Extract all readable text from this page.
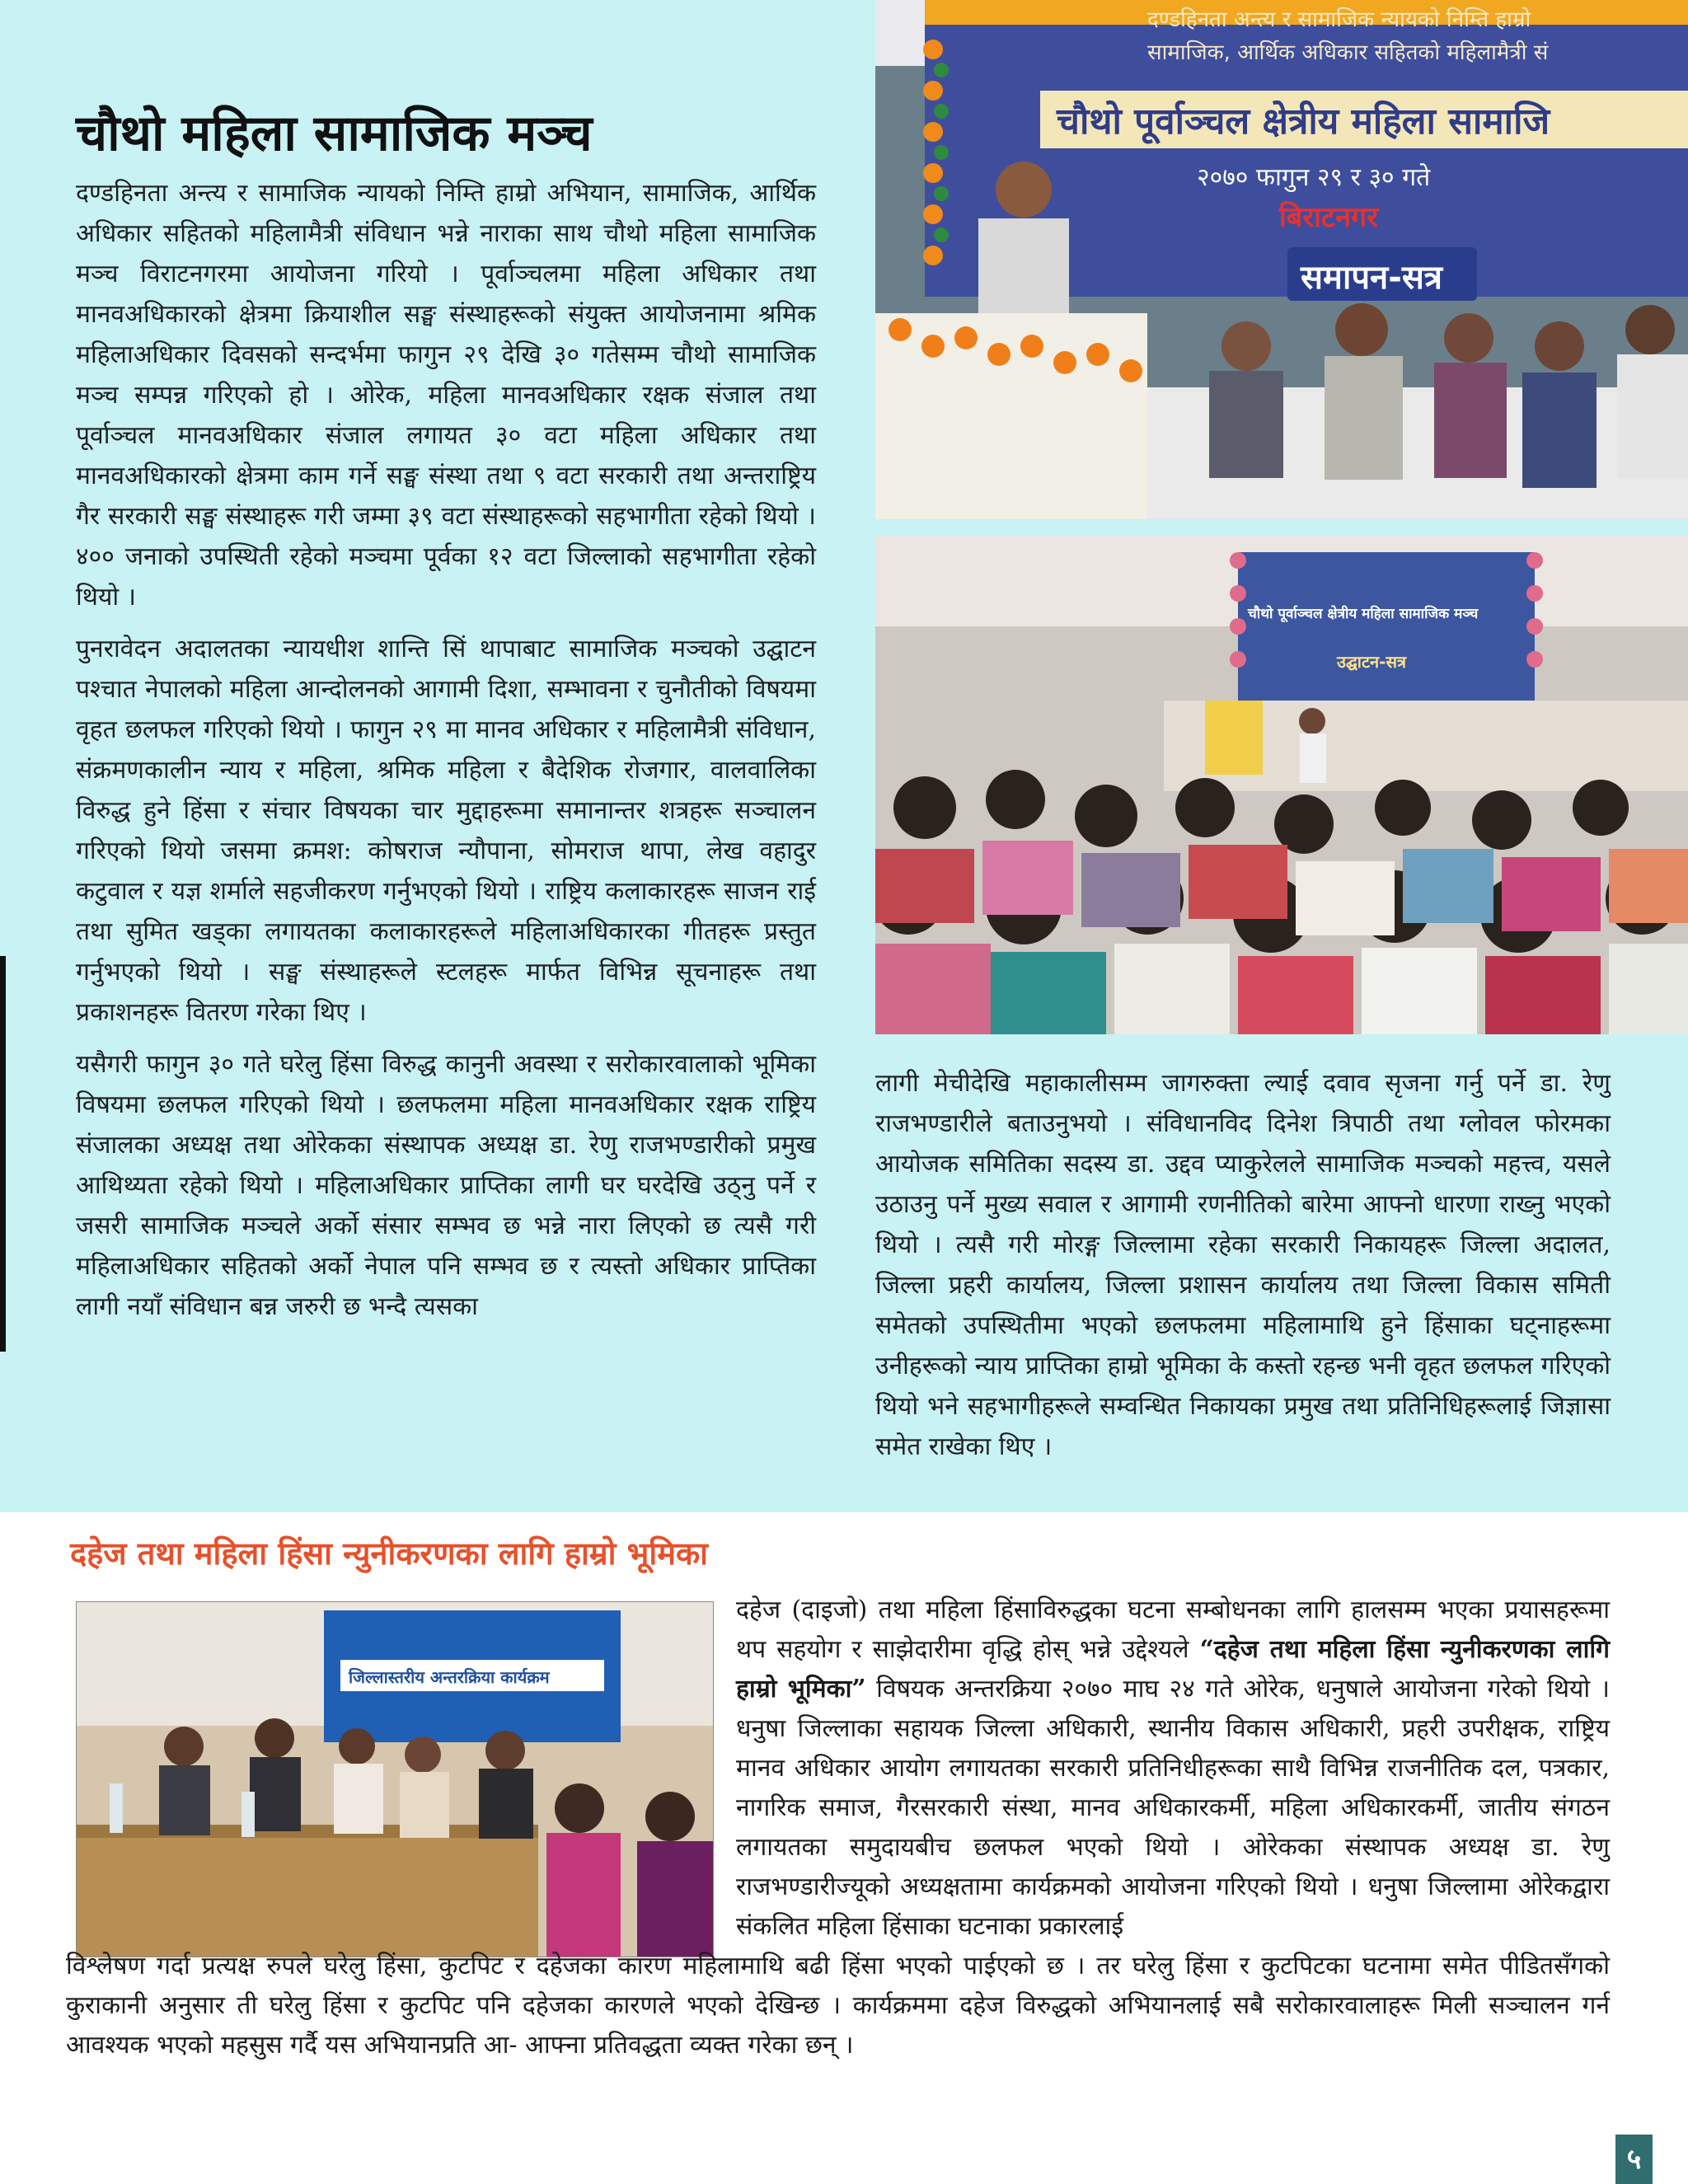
चौथो महिला सामाजिक मञ्च

दण्डहिनता अन्त्य र सामाजिक न्यायको निम्ति हाम्रो अभियान, सामाजिक, आर्थिक अधिकार सहितको महिलामैत्री संविधान भन्ने नाराका साथ चौथो महिला सामाजिक मञ्च विराटनगरमा आयोजना गरियो । पूर्वाञ्चलमा महिला अधिकार तथा मानवअधिकारको क्षेत्रमा क्रियाशील सङ्घ संस्थाहरूको संयुक्त आयोजनामा श्रमिक महिलाअधिकार दिवसको सन्दर्भमा फागुन २९ देखि ३० गतेसम्म चौथो सामाजिक मञ्च सम्पन्न गरिएको हो । ओरेक, महिला मानवअधिकार रक्षक संजाल तथा पूर्वाञ्चल मानवअधिकार संजाल लगायत ३० वटा महिला अधिकार तथा मानवअधिकारको क्षेत्रमा काम गर्ने सङ्घ संस्था तथा ९ वटा सरकारी तथा अन्तराष्ट्रिय गैर सरकारी सङ्घ संस्थाहरू गरी जम्मा ३९ वटा संस्थाहरूको सहभागीता रहेको थियो । ४०० जनाको उपस्थिती रहेको मञ्चमा पूर्वका १२ वटा जिल्लाको सहभागीता रहेको थियो ।

पुनरावेदन अदालतका न्यायधीश शान्ति सिं थापाबाट सामाजिक मञ्चको उद्घाटन पश्चात नेपालको महिला आन्दोलनको आगामी दिशा, सम्भावना र चुनौतीको विषयमा वृहत छलफल गरिएको थियो । फागुन २९ मा मानव अधिकार र महिलामैत्री संविधान, संक्रमणकालीन न्याय र महिला, श्रमिक महिला र बैदेशिक रोजगार, वालवालिका विरुद्ध हुने हिंसा र संचार विषयका चार मुद्दाहरूमा समानान्तर शत्रहरू सञ्चालन गरिएको थियो जसमा क्रमश: कोषराज न्यौपाना, सोमराज थापा, लेख वहादुर कटुवाल र यज्ञ शर्माले सहजीकरण गर्नुभएको थियो । राष्ट्रिय कलाकारहरू साजन राई तथा सुमित खड्का लगायतका कलाकारहरूले महिलाअधिकारका गीतहरू प्रस्तुत गर्नुभएको थियो । सङ्घ संस्थाहरूले स्टलहरू मार्फत विभिन्न सूचनाहरू तथा प्रकाशनहरू वितरण गरेका थिए ।

यसैगरी फागुन ३० गते घरेलु हिंसा विरुद्ध कानुनी अवस्था र सरोकारवालाको भूमिका विषयमा छलफल गरिएको थियो । छलफलमा महिला मानवअधिकार रक्षक राष्ट्रिय संजालका अध्यक्ष तथा ओरेकका संस्थापक अध्यक्ष डा. रेणु राजभण्डारीको प्रमुख आथिथ्यता रहेको थियो । महिलाअधिकार प्राप्तिका लागी घर घरदेखि उठ्नु पर्ने र जसरी सामाजिक मञ्चले अर्को संसार सम्भव छ भन्ने नारा लिएको छ त्यसै गरी महिलाअधिकार सहितको अर्को नेपाल पनि सम्भव छ र त्यस्तो अधिकार प्राप्तिका लागी नयाँ संविधान बन्न जरुरी छ भन्दै त्यसका

दण्डहिनता अन्त्य र सामाजिक न्यायको निम्ति हाम्रो
सामाजिक, आर्थिक अधिकार सहितको महिलामैत्री सं
चौथो पूर्वाञ्चल क्षेत्रीय महिला सामाजि
२०७० फागुन २९ र ३० गते
बिराटनगर
समापन-सत्र
चौथो पूर्वाञ्चल क्षेत्रीय महिला सामाजिक मञ्च
उद्घाटन-सत्र

लागी मेचीदेखि महाकालीसम्म जागरुक्ता ल्याई दवाव सृजना गर्नु पर्ने डा. रेणु राजभण्डारीले बताउनुभयो । संविधानविद दिनेश त्रिपाठी तथा ग्लोवल फोरमका आयोजक समितिका सदस्य डा. उद्दव प्याकुरेलले सामाजिक मञ्चको महत्त्व, यसले उठाउनु पर्ने मुख्य सवाल र आगामी रणनीतिको बारेमा आफ्नो धारणा राख्नु भएको थियो । त्यसै गरी मोरङ्ग जिल्लामा रहेका सरकारी निकायहरू जिल्ला अदालत, जिल्ला प्रहरी कार्यालय, जिल्ला प्रशासन कार्यालय तथा जिल्ला विकास समिती समेतको उपस्थितीमा भएको छलफलमा महिलामाथि हुने हिंसाका घट्नाहरूमा उनीहरूको न्याय प्राप्तिका हाम्रो भूमिका के कस्तो रहन्छ भनी वृहत छलफल गरिएको थियो भने सहभागीहरूले सम्वन्धित निकायका प्रमुख तथा प्रतिनिधिहरूलाई जिज्ञासा समेत राखेका थिए ।

दहेज तथा महिला हिंसा न्युनीकरणका लागि हाम्रो भूमिका
जिल्लास्तरीय अन्तरक्रिया कार्यक्रम
दहेज (दाइजो) तथा महिला हिंसाविरुद्धका घटना सम्बोधनका लागि हालसम्म भएका प्रयासहरूमा थप सहयोग र साझेदारीमा वृद्धि होस् भन्ने उद्देश्यले “दहेज तथा महिला हिंसा न्युनीकरणका लागि हाम्रो भूमिका” विषयक अन्तरक्रिया २०७० माघ २४ गते ओरेक, धनुषाले आयोजना गरेको थियो । धनुषा जिल्लाका सहायक जिल्ला अधिकारी, स्थानीय विकास अधिकारी, प्रहरी उपरीक्षक, राष्ट्रिय मानव अधिकार आयोग लगायतका सरकारी प्रतिनिधीहरूका साथै विभिन्न राजनीतिक दल, पत्रकार, नागरिक समाज, गैरसरकारी संस्था, मानव अधिकारकर्मी, महिला अधिकारकर्मी, जातीय संगठन लगायतका समुदायबीच छलफल भएको थियो । ओरेकका संस्थापक अध्यक्ष डा. रेणु राजभण्डारीज्यूको अध्यक्षतामा कार्यक्रमको आयोजना गरिएको थियो । धनुषा जिल्लामा ओरेकद्वारा संकलित महिला हिंसाका घटनाका प्रकारलाई
विश्लेषण गर्दा प्रत्यक्ष रुपले घरेलु हिंसा, कुटपिट र दहेजका कारण महिलामाथि बढी हिंसा भएको पाईएको छ । तर घरेलु हिंसा र कुटपिटका घटनामा समेत पीडितसँगको कुराकानी अनुसार ती घरेलु हिंसा र कुटपिट पनि दहेजका कारणले भएको देखिन्छ । कार्यक्रममा दहेज विरुद्धको अभियानलाई सबै सरोकारवालाहरू मिली सञ्चालन गर्न आवश्यक भएको महसुस गर्दै यस अभियानप्रति आ- आफ्ना प्रतिवद्धता व्यक्त गरेका छन् ।
५
